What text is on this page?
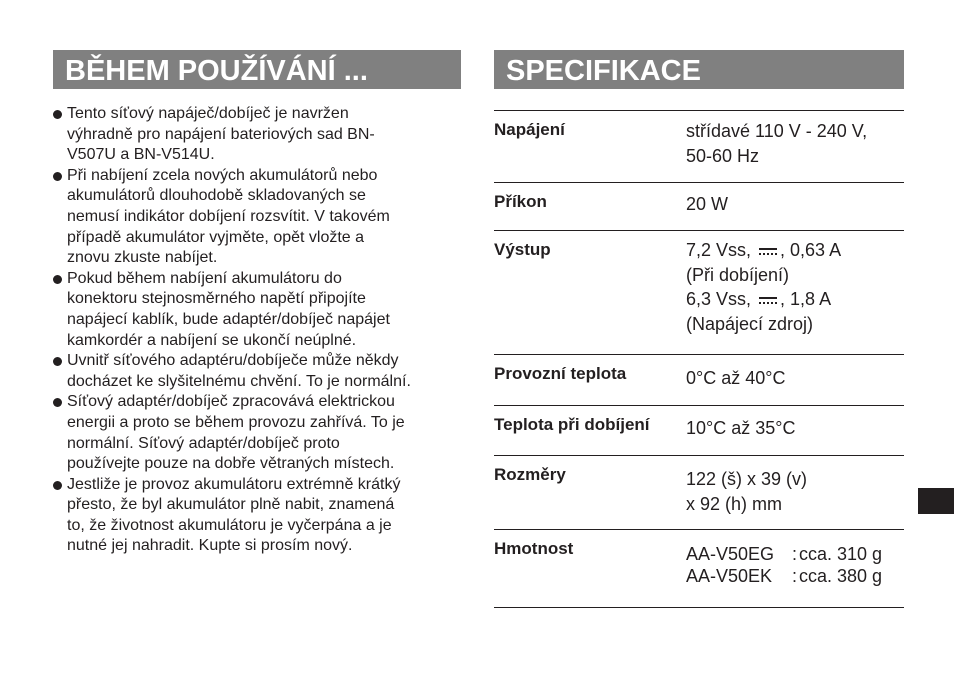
BĚHEM POUŽÍVÁNÍ ...	SPECIFIKACE
Tento síťový napáječ/dobíječ je navržen
výhradně pro napájení bateriových sad BN-
V507U a BN-V514U.
Při nabíjení zcela nových akumulátorů nebo
akumulátorů dlouhodobě skladovaných se
nemusí indikátor dobíjení rozsvítit. V takovém
případě akumulátor vyjměte, opět vložte a
znovu zkuste nabíjet.
Pokud během nabíjení akumulátoru do
konektoru stejnosměrného napětí připojíte
napájecí kablík, bude adaptér/dobíječ napájet
kamkordér a nabíjení se ukončí neúplné.
Uvnitř síťového adaptéru/dobíječe může někdy
docházet ke slyšitelnému chvění. To je normální.
Síťový adaptér/dobíječ zpracovává elektrickou
energii a proto se během provozu zahřívá. To je
normální. Síťový adaptér/dobíječ proto
používejte pouze na dobře větraných místech.
Jestliže je provoz akumulátoru extrémně krátký
přesto, že byl akumulátor plně nabit, znamená
to, že životnost akumulátoru je vyčerpána a je
nutné jej nahradit. Kupte si prosím nový.
Napájení	střídavé 110 V - 240 V,
50-60 Hz

Příkon	20 W
Výstup	7,2 Vss, , 0,63 A
(Při dobíjení)
6,3 Vss, , 1,8 A
(Napájecí zdroj)

Provozní teplota	0°C až 40°C
Teplota při dobíjení	10°C až 35°C
Rozměry	122 (š) x 39 (v)
x 92 (h) mm

Hmotnost	AA-V50EG : cca. 310 g
AA-V50EK : cca. 380 g
